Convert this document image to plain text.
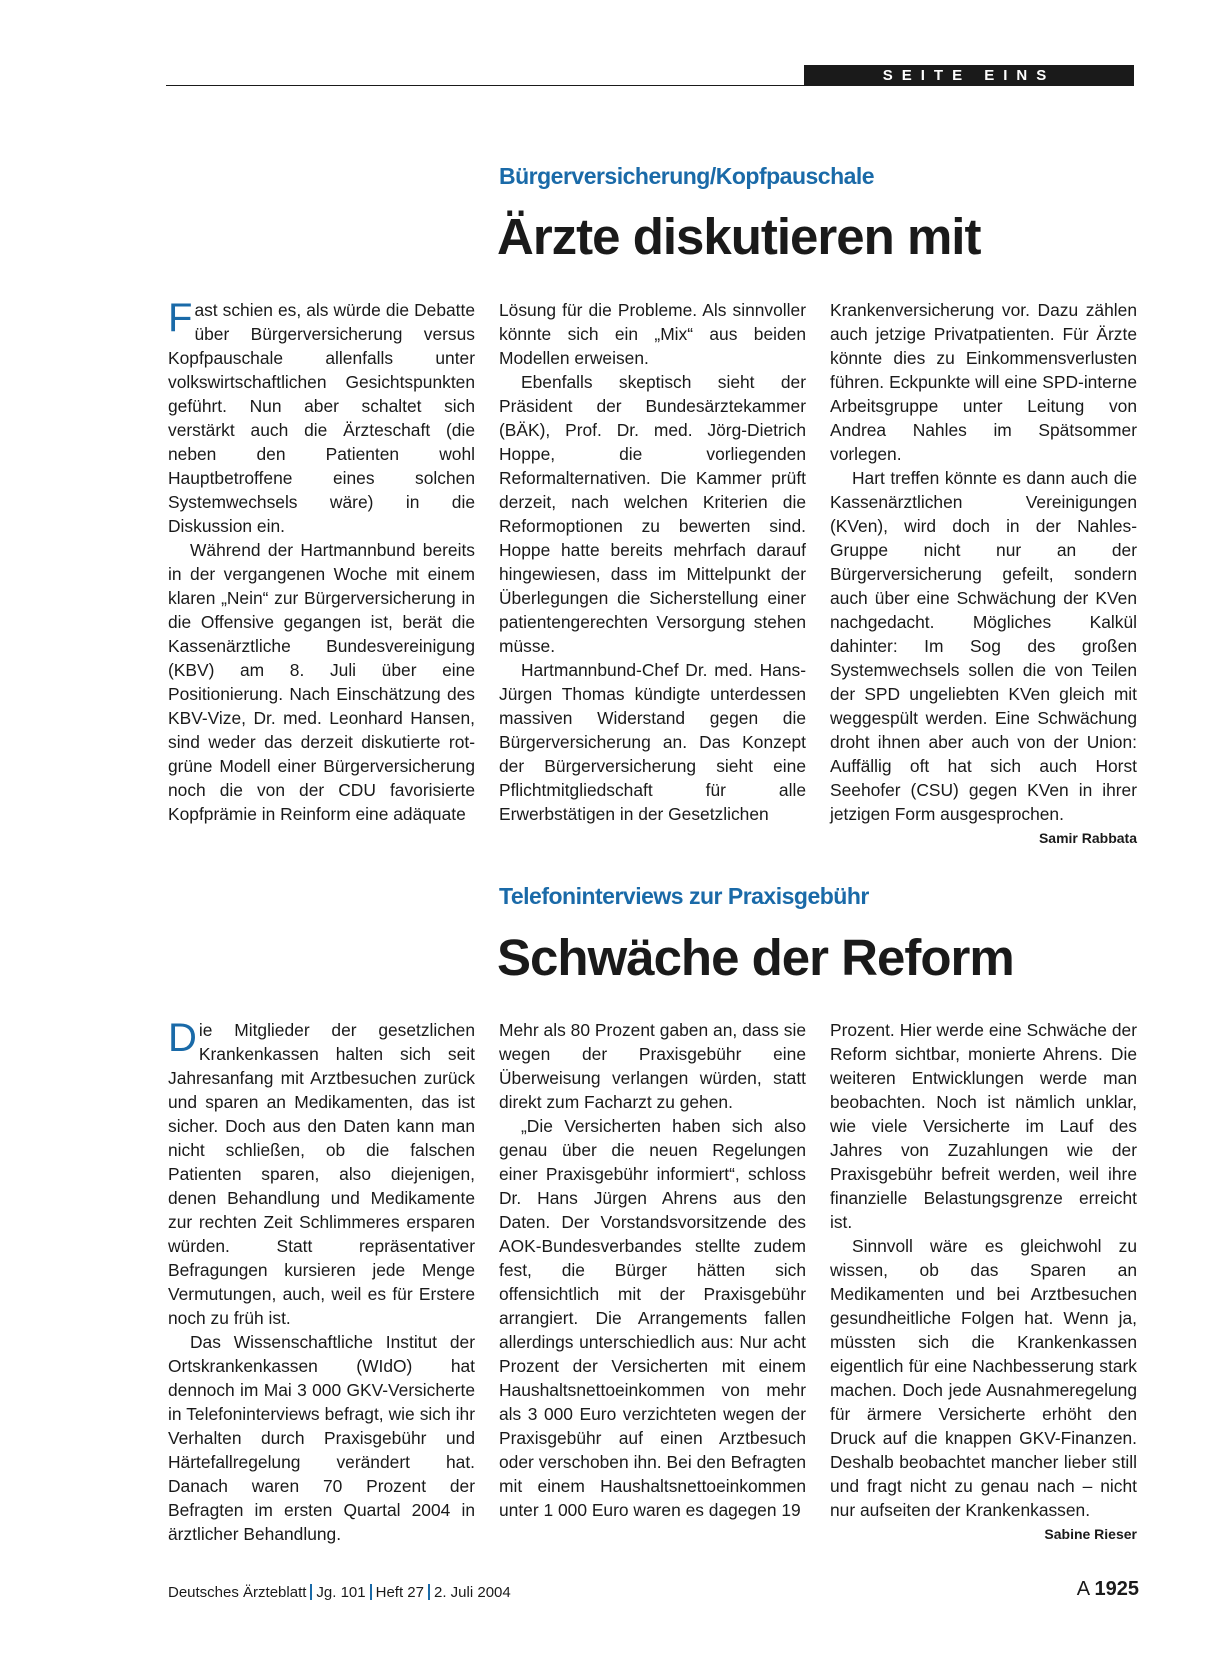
SEITE EINS
Bürgerversicherung/Kopfpauschale
Ärzte diskutieren mit

Fast schien es, als würde die Debatte über Bürgerversicherung versus Kopfpauschale allenfalls unter volkswirtschaftlichen Gesichtspunkten geführt. Nun aber schaltet sich verstärkt auch die Ärzteschaft (die neben den Patienten wohl Hauptbetroffene eines solchen Systemwechsels wäre) in die Diskussion ein.

Während der Hartmannbund bereits in der vergangenen Woche mit einem klaren „Nein“ zur Bürgerversicherung in die Offensive gegangen ist, berät die Kassenärztliche Bundesvereinigung (KBV) am 8. Juli über eine Positionierung. Nach Einschätzung des KBV-Vize, Dr. med. Leonhard Hansen, sind weder das derzeit diskutierte rot-grüne Modell einer Bürgerversicherung noch die von der CDU favorisierte Kopfprämie in Reinform eine adäquate

Lösung für die Probleme. Als sinnvoller könnte sich ein „Mix“ aus beiden Modellen erweisen.

Ebenfalls skeptisch sieht der Präsident der Bundesärztekammer (BÄK), Prof. Dr. med. Jörg-Dietrich Hoppe, die vorliegenden Reformalternativen. Die Kammer prüft derzeit, nach welchen Kriterien die Reformoptionen zu bewerten sind. Hoppe hatte bereits mehrfach darauf hingewiesen, dass im Mittelpunkt der Überlegungen die Sicherstellung einer patientengerechten Versorgung stehen müsse.

Hartmannbund-Chef Dr. med. Hans-Jürgen Thomas kündigte unterdessen massiven Widerstand gegen die Bürgerversicherung an. Das Konzept der Bürgerversicherung sieht eine Pflichtmitgliedschaft für alle Erwerbstätigen in der Gesetzlichen

Krankenversicherung vor. Dazu zählen auch jetzige Privatpatienten. Für Ärzte könnte dies zu Einkommensverlusten führen. Eckpunkte will eine SPD-interne Arbeitsgruppe unter Leitung von Andrea Nahles im Spätsommer vorlegen.

Hart treffen könnte es dann auch die Kassenärztlichen Vereinigungen (KVen), wird doch in der Nahles-Gruppe nicht nur an der Bürgerversicherung gefeilt, sondern auch über eine Schwächung der KVen nachgedacht. Mögliches Kalkül dahinter: Im Sog des großen Systemwechsels sollen die von Teilen der SPD ungeliebten KVen gleich mit weggespült werden. Eine Schwächung droht ihnen aber auch von der Union: Auffällig oft hat sich auch Horst Seehofer (CSU) gegen KVen in ihrer jetzigen Form ausgesprochen.
Samir Rabbata

Telefoninterviews zur Praxisgebühr
Schwäche der Reform

Die Mitglieder der gesetzlichen Krankenkassen halten sich seit Jahresanfang mit Arztbesuchen zurück und sparen an Medikamenten, das ist sicher. Doch aus den Daten kann man nicht schließen, ob die falschen Patienten sparen, also diejenigen, denen Behandlung und Medikamente zur rechten Zeit Schlimmeres ersparen würden. Statt repräsentativer Befragungen kursieren jede Menge Vermutungen, auch, weil es für Erstere noch zu früh ist.

Das Wissenschaftliche Institut der Ortskrankenkassen (WIdO) hat dennoch im Mai 3 000 GKV-Versicherte in Telefoninterviews befragt, wie sich ihr Verhalten durch Praxisgebühr und Härtefallregelung verändert hat. Danach waren 70 Prozent der Befragten im ersten Quartal 2004 in ärztlicher Behandlung.

Mehr als 80 Prozent gaben an, dass sie wegen der Praxisgebühr eine Überweisung verlangen würden, statt direkt zum Facharzt zu gehen.

„Die Versicherten haben sich also genau über die neuen Regelungen einer Praxisgebühr informiert“, schloss Dr. Hans Jürgen Ahrens aus den Daten. Der Vorstandsvorsitzende des AOK-Bundesverbandes stellte zudem fest, die Bürger hätten sich offensichtlich mit der Praxisgebühr arrangiert. Die Arrangements fallen allerdings unterschiedlich aus: Nur acht Prozent der Versicherten mit einem Haushaltsnettoeinkommen von mehr als 3 000 Euro verzichteten wegen der Praxisgebühr auf einen Arztbesuch oder verschoben ihn. Bei den Befragten mit einem Haushaltsnettoeinkommen unter 1 000 Euro waren es dagegen 19

Prozent. Hier werde eine Schwäche der Reform sichtbar, monierte Ahrens. Die weiteren Entwicklungen werde man beobachten. Noch ist nämlich unklar, wie viele Versicherte im Lauf des Jahres von Zuzahlungen wie der Praxisgebühr befreit werden, weil ihre finanzielle Belastungsgrenze erreicht ist.

Sinnvoll wäre es gleichwohl zu wissen, ob das Sparen an Medikamenten und bei Arztbesuchen gesundheitliche Folgen hat. Wenn ja, müssten sich die Krankenkassen eigentlich für eine Nachbesserung stark machen. Doch jede Ausnahmeregelung für ärmere Versicherte erhöht den Druck auf die knappen GKV-Finanzen. Deshalb beobachtet mancher lieber still und fragt nicht zu genau nach – nicht nur aufseiten der Krankenkassen.
Sabine Rieser

Deutsches Ärzteblatt Jg. 101 Heft 27 2. Juli 2004	A 1925
